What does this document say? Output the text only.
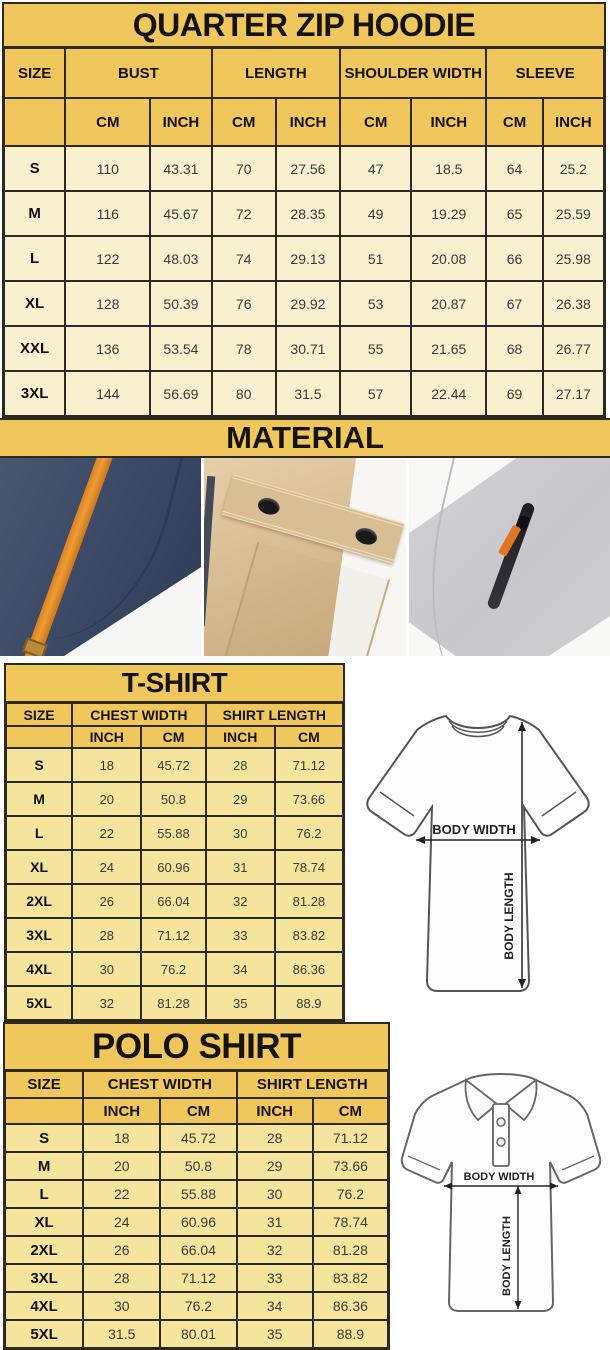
QUARTER ZIP HOODIE
SIZE	BUST	LENGTH	SHOULDER WIDTH	SLEEVE
CM	INCH	CM	INCH	CM	INCH	CM	INCH
S	110	43.31	70	27.56	47	18.5	64	25.2
M	116	45.67	72	28.35	49	19.29	65	25.59
L	122	48.03	74	29.13	51	20.08	66	25.98
XL	128	50.39	76	29.92	53	20.87	67	26.38
XXL	136	53.54	78	30.71	55	21.65	68	26.77
3XL	144	56.69	80	31.5	57	22.44	69	27.17
MATERIAL
T-SHIRT
SIZE	CHEST WIDTH	SHIRT LENGTH
INCH	CM	INCH	CM
S	18	45.72	28	71.12
M	20	50.8	29	73.66
L	22	55.88	30	76.2
XL	24	60.96	31	78.74
2XL	26	66.04	32	81.28
3XL	28	71.12	33	83.82
4XL	30	76.2	34	86.36
5XL	32	81.28	35	88.9
BODY WIDTH
BODY LENGTH
POLO SHIRT
SIZE	CHEST WIDTH	SHIRT LENGTH
INCH	CM	INCH	CM
S	18	45.72	28	71.12
M	20	50.8	29	73.66
L	22	55.88	30	76.2
XL	24	60.96	31	78.74
2XL	26	66.04	32	81.28
3XL	28	71.12	33	83.82
4XL	30	76.2	34	86.36
5XL	31.5	80.01	35	88.9
BODY WIDTH
BODY LENGTH
